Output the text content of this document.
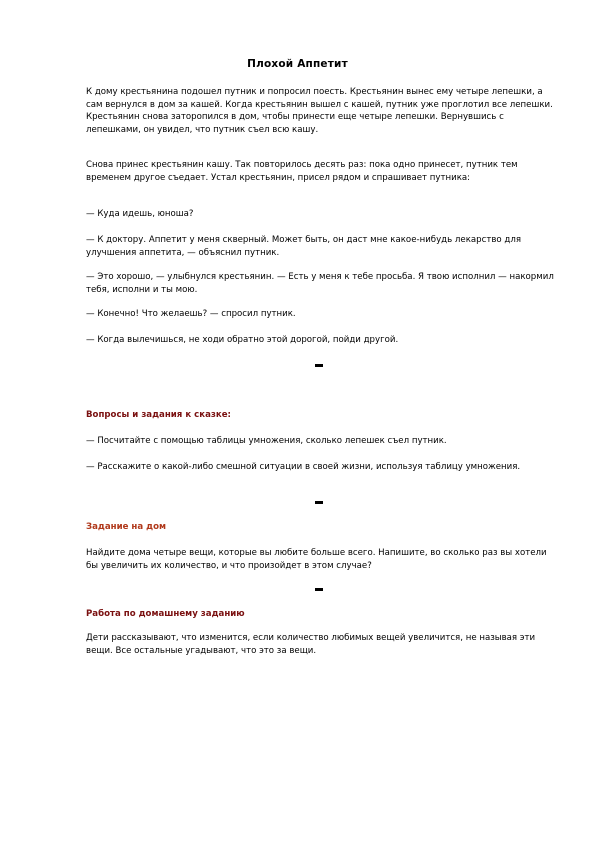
Плохой Аппетит

К дому крестьянина подошел путник и попросил поесть. Крестьянин вынес ему четыре лепешки, а сам вернулся в дом за кашей. Когда крестьянин вышел с кашей, путник уже проглотил все лепешки. Крестьянин снова заторопился в дом, чтобы принести еще четыре лепешки. Вернувшись с лепешками, он увидел, что путник съел всю кашу.

Снова принес крестьянин кашу. Так повторилось десять раз: пока одно принесет, путник тем временем другое съедает. Устал крестьянин, присел рядом и спрашивает путника:

— Куда идешь, юноша?

— К доктору. Аппетит у меня скверный. Может быть, он даст мне какое-нибудь лекарство для улучшения аппетита, — объяснил путник.

— Это хорошо, — улыбнулся крестьянин. — Есть у меня к тебе просьба. Я твою исполнил — накормил тебя, исполни и ты мою.

— Конечно! Что желаешь? — спросил путник.

— Когда вылечишься, не ходи обратно этой дорогой, пойди другой.

Вопросы и задания к сказке:

— Посчитайте с помощью таблицы умножения, сколько лепешек съел путник.

— Расскажите о какой-либо смешной ситуации в своей жизни, используя таблицу умножения.

Задание на дом

Найдите дома четыре вещи, которые вы любите больше всего. Напишите, во сколько раз вы хотели бы увеличить их количество, и что произойдет в этом случае?

Работа по домашнему заданию

Дети рассказывают, что изменится, если количество любимых вещей увеличится, не называя эти вещи. Все остальные угадывают, что это за вещи.
